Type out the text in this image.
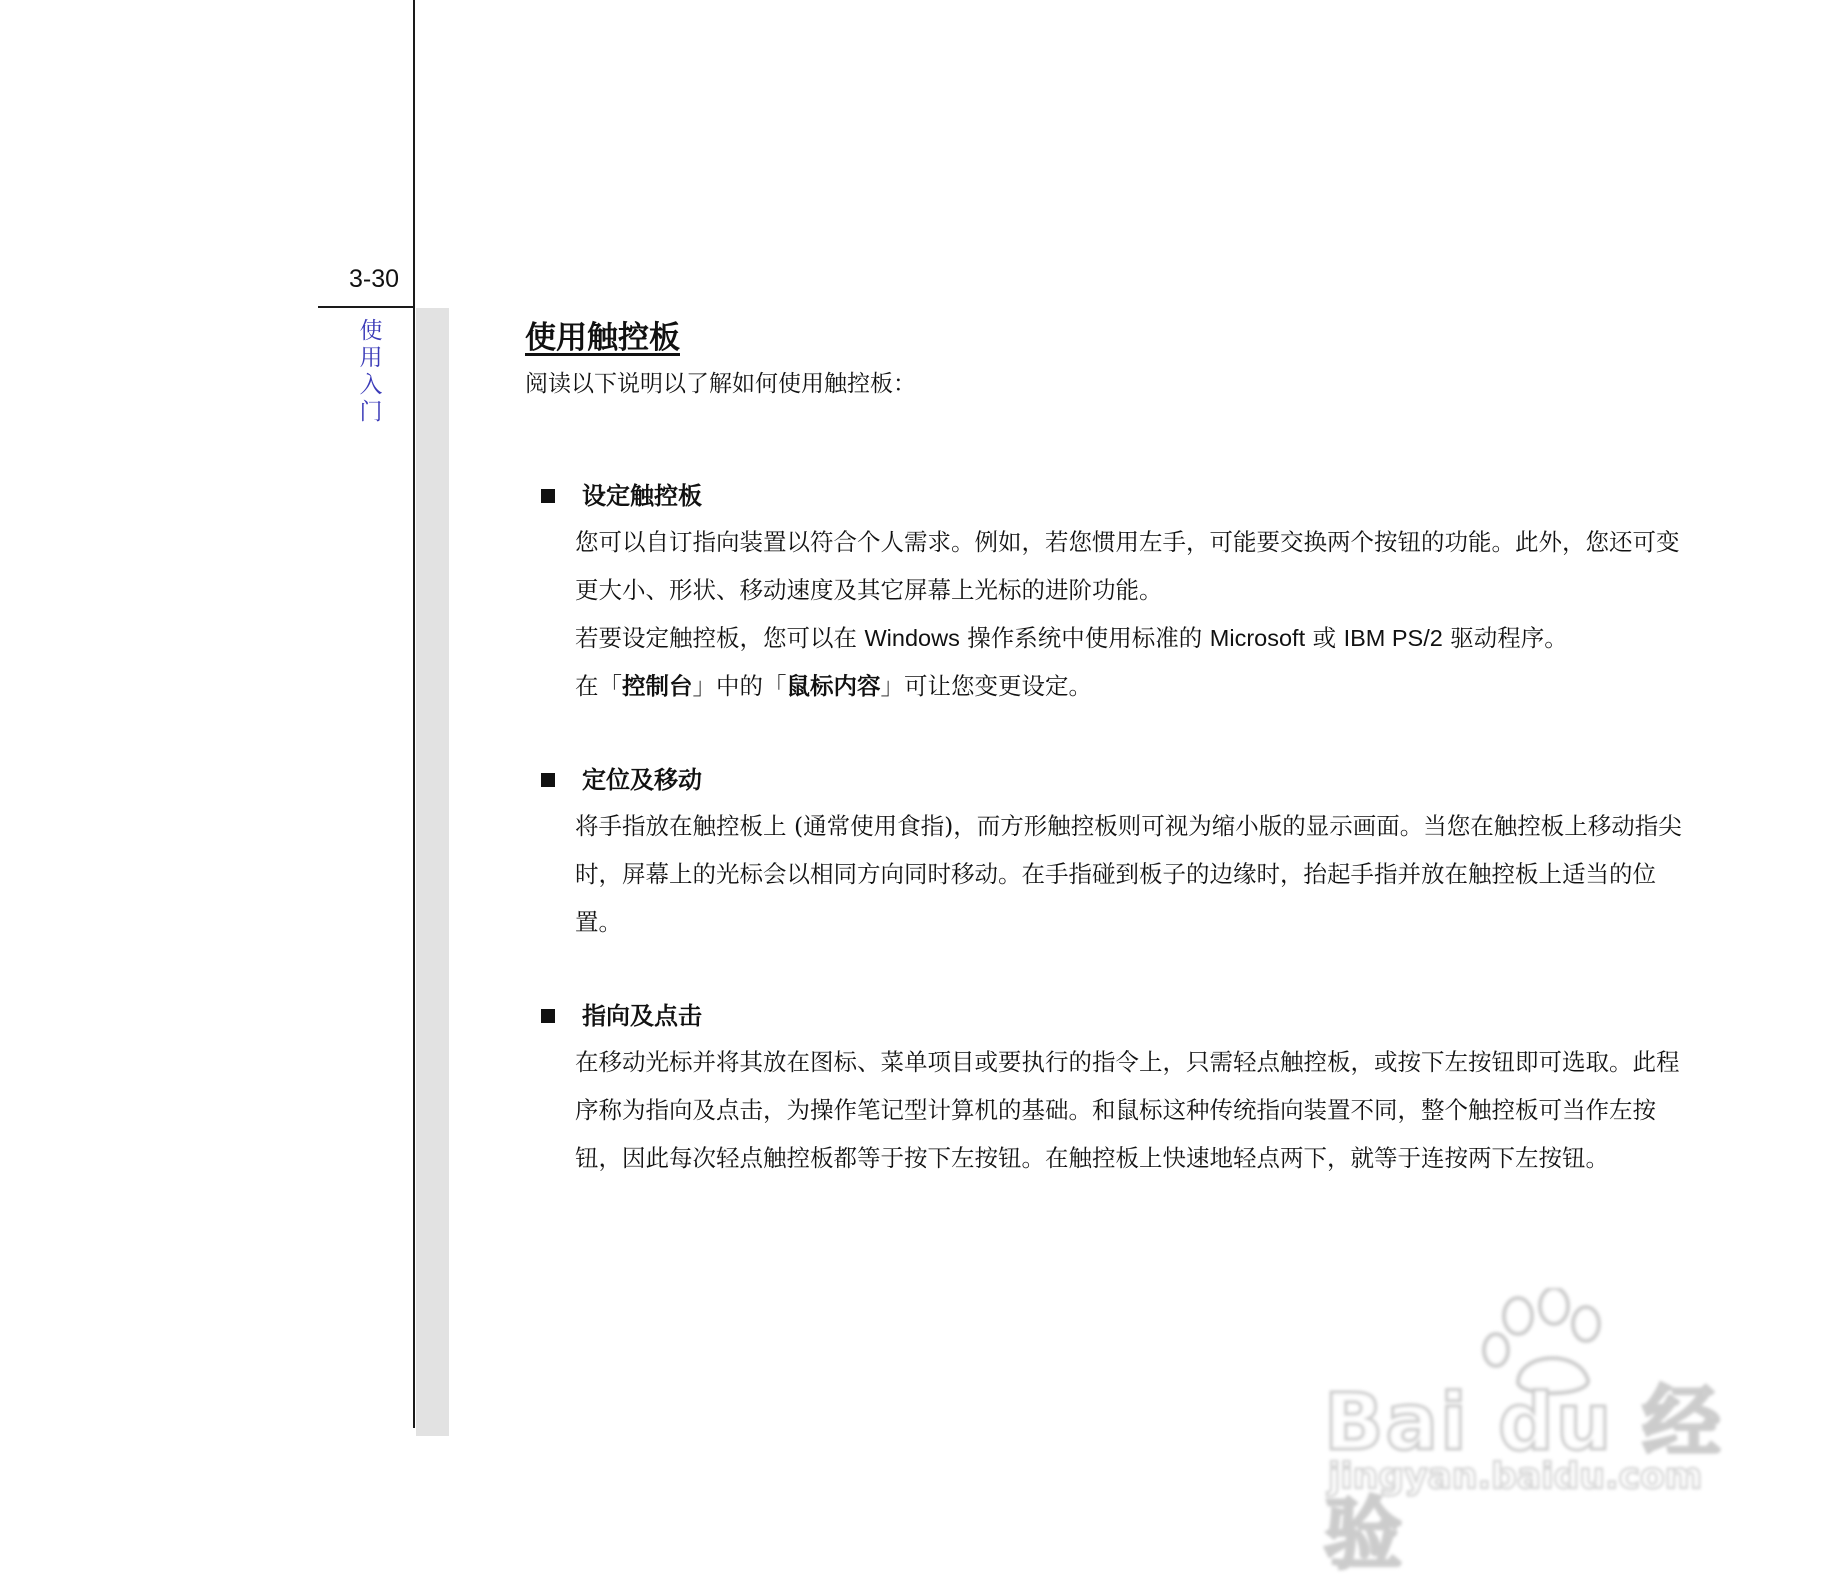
3-30
使用入门
使用触控板
阅读以下说明以了解如何使用触控板：
设定触控板

您可以自订指向装置以符合个人需求。例如，若您惯用左手，可能要交换两个按钮的功能。此外，您还可变更大小、形状、移动速度及其它屏幕上光标的进阶功能。

若要设定触控板，您可以在 Windows 操作系统中使用标准的 Microsoft 或 IBM PS/2 驱动程序。

在「控制台」中的「鼠标内容」可让您变更设定。

定位及移动

将手指放在触控板上 (通常使用食指)，而方形触控板则可视为缩小版的显示画面。当您在触控板上移动指尖时，屏幕上的光标会以相同方向同时移动。在手指碰到板子的边缘时，抬起手指并放在触控板上适当的位置。

指向及点击

在移动光标并将其放在图标、菜单项目或要执行的指令上，只需轻点触控板，或按下左按钮即可选取。此程序称为指向及点击，为操作笔记型计算机的基础。和鼠标这种传统指向装置不同，整个触控板可当作左按钮，因此每次轻点触控板都等于按下左按钮。在触控板上快速地轻点两下，就等于连按两下左按钮。

Bai du 经验
jingyan.baidu.com
